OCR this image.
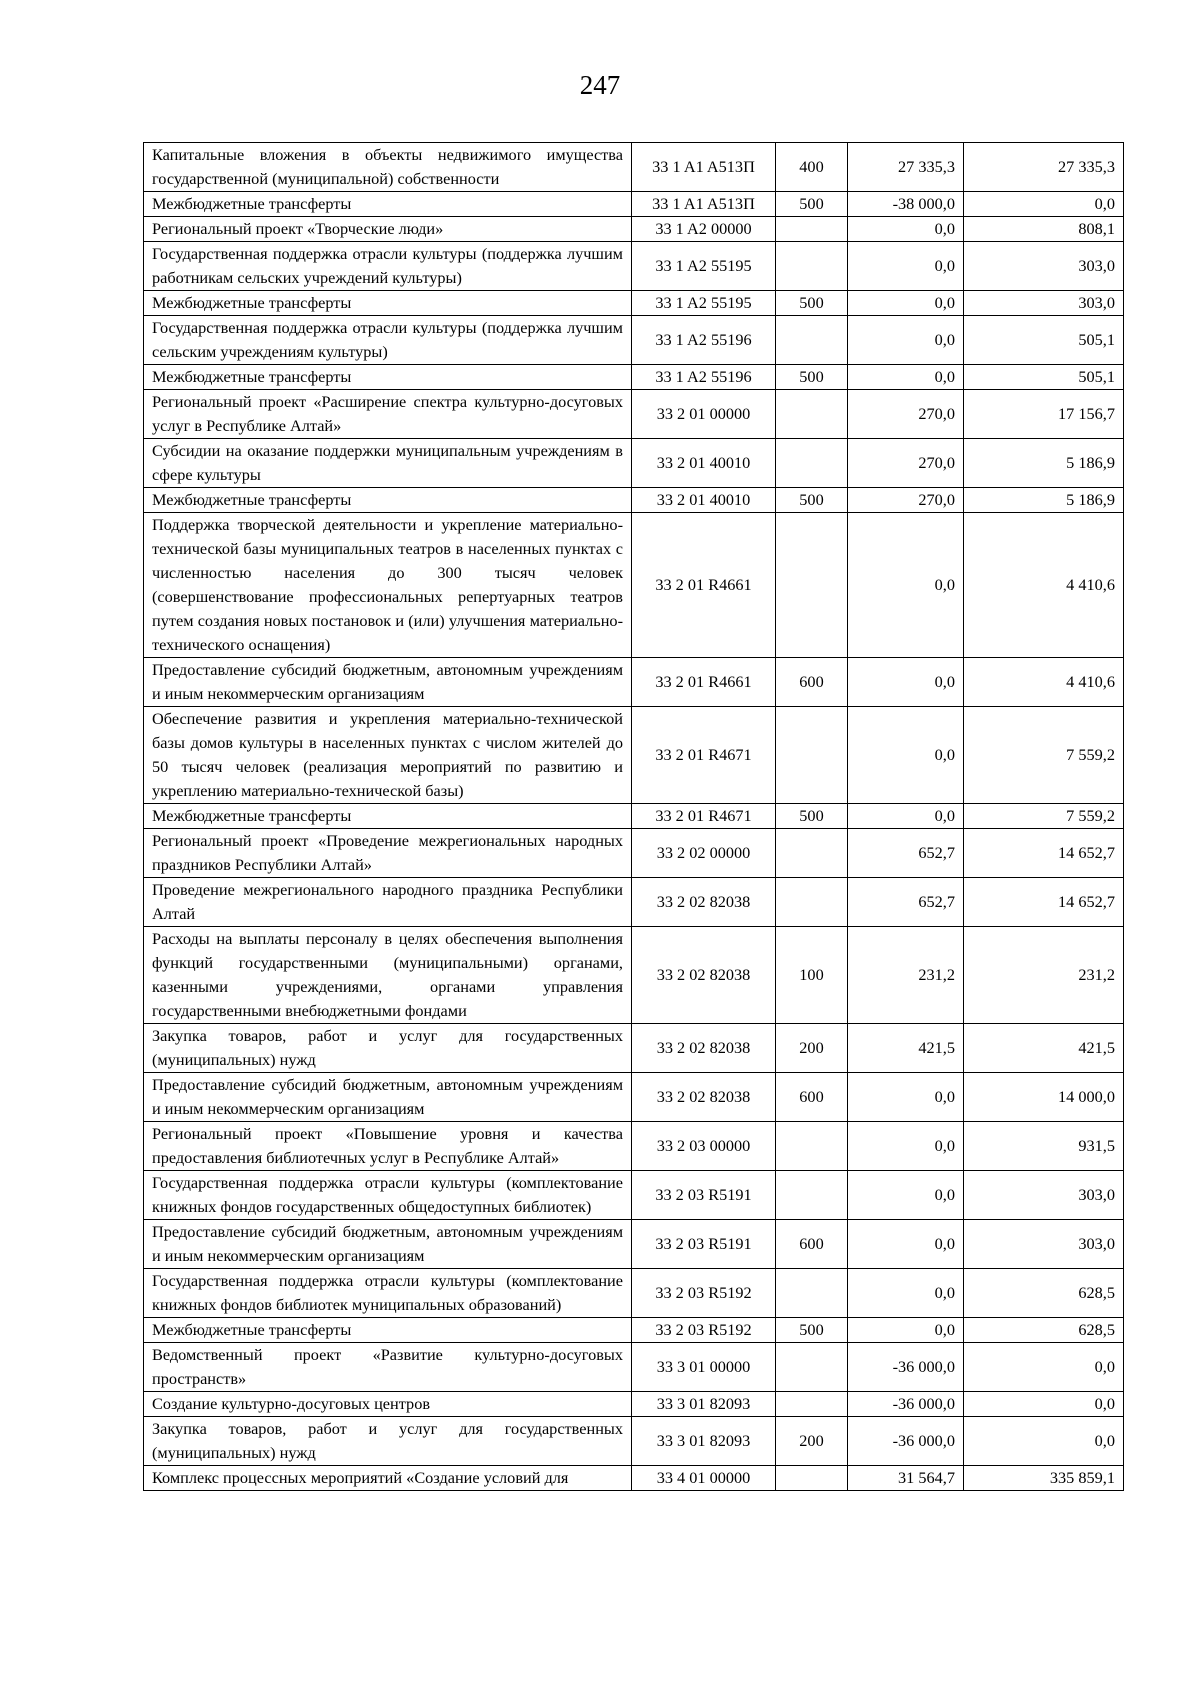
247
Капитальные вложения в объекты недвижимого имущества государственной (муниципальной) собственности	33 1 A1 A513П	400	27 335,3	27 335,3
Межбюджетные трансферты	33 1 A1 A513П	500	-38 000,0	0,0
Региональный проект «Творческие люди»	33 1 A2 00000		0,0	808,1
Государственная поддержка отрасли культуры (поддержка лучшим работникам сельских учреждений культуры)	33 1 A2 55195		0,0	303,0
Межбюджетные трансферты	33 1 A2 55195	500	0,0	303,0
Государственная поддержка отрасли культуры (поддержка лучшим сельским учреждениям культуры)	33 1 A2 55196		0,0	505,1
Межбюджетные трансферты	33 1 A2 55196	500	0,0	505,1
Региональный проект «Расширение спектра культурно-досуговых услуг в Республике Алтай»	33 2 01 00000		270,0	17 156,7
Субсидии на оказание поддержки муниципальным учреждениям в сфере культуры	33 2 01 40010		270,0	5 186,9
Межбюджетные трансферты	33 2 01 40010	500	270,0	5 186,9
Поддержка творческой деятельности и укрепление материально-технической базы муниципальных театров в населенных пунктах с численностью населения до 300 тысяч человек (совершенствование профессиональных репертуарных театров путем создания новых постановок и (или) улучшения материально-технического оснащения)	33 2 01 R4661		0,0	4 410,6
Предоставление субсидий бюджетным, автономным учреждениям и иным некоммерческим организациям	33 2 01 R4661	600	0,0	4 410,6
Обеспечение развития и укрепления материально-технической базы домов культуры в населенных пунктах с числом жителей до 50 тысяч человек (реализация мероприятий по развитию и укреплению материально-технической базы)	33 2 01 R4671		0,0	7 559,2
Межбюджетные трансферты	33 2 01 R4671	500	0,0	7 559,2
Региональный проект «Проведение межрегиональных народных праздников Республики Алтай»	33 2 02 00000		652,7	14 652,7
Проведение межрегионального народного праздника Республики Алтай	33 2 02 82038		652,7	14 652,7
Расходы на выплаты персоналу в целях обеспечения выполнения функций государственными (муниципальными) органами, казенными учреждениями, органами управления государственными внебюджетными фондами	33 2 02 82038	100	231,2	231,2
Закупка товаров, работ и услуг для государственных (муниципальных) нужд	33 2 02 82038	200	421,5	421,5
Предоставление субсидий бюджетным, автономным учреждениям и иным некоммерческим организациям	33 2 02 82038	600	0,0	14 000,0
Региональный проект «Повышение уровня и качества предоставления библиотечных услуг в Республике Алтай»	33 2 03 00000		0,0	931,5
Государственная поддержка отрасли культуры (комплектование книжных фондов государственных общедоступных библиотек)	33 2 03 R5191		0,0	303,0
Предоставление субсидий бюджетным, автономным учреждениям и иным некоммерческим организациям	33 2 03 R5191	600	0,0	303,0
Государственная поддержка отрасли культуры (комплектование книжных фондов библиотек муниципальных образований)	33 2 03 R5192		0,0	628,5
Межбюджетные трансферты	33 2 03 R5192	500	0,0	628,5
Ведомственный проект «Развитие культурно-досуговых пространств»	33 3 01 00000		-36 000,0	0,0
Создание культурно-досуговых центров	33 3 01 82093		-36 000,0	0,0
Закупка товаров, работ и услуг для государственных (муниципальных) нужд	33 3 01 82093	200	-36 000,0	0,0
Комплекс процессных мероприятий «Создание условий для	33 4 01 00000		31 564,7	335 859,1
